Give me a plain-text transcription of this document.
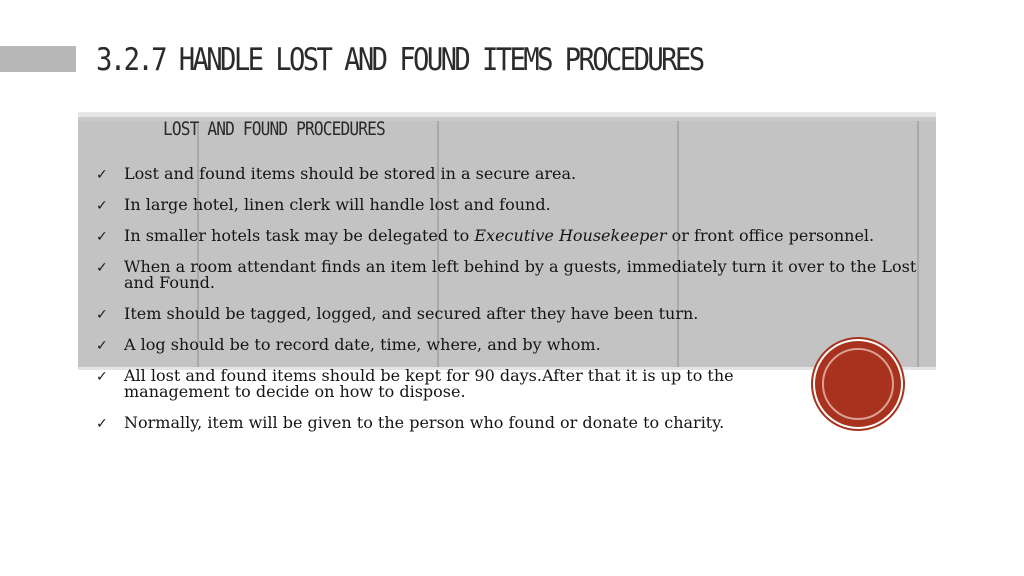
3.2.7 HANDLE LOST AND FOUND ITEMS PROCEDURES
LOST AND FOUND PROCEDURES
✓ Lost and found items should be stored in a secure area.
✓ In large hotel, linen clerk will handle lost and found.
✓ In smaller hotels task may be delegated to Executive Housekeeper or front office personnel.
✓ When a room attendant finds an item left behind by a guests, immediately turn it over to the Lost and Found.
✓ Item should be tagged, logged, and secured after they have been turn.
✓ A log should be to record date, time, where, and by whom.
✓ All lost and found items should be kept for 90 days.After that it is up to the management to decide on how to dispose.
✓ Normally, item will be given to the person who found or donate to charity.
